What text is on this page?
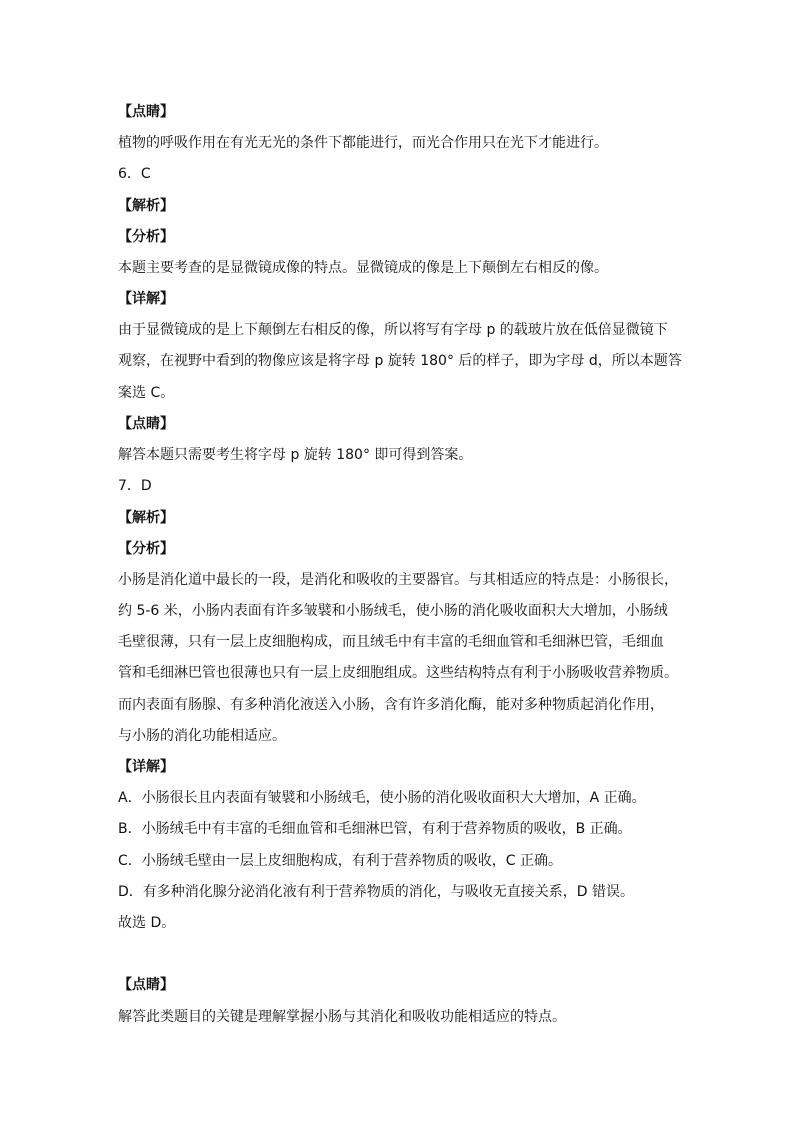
【点睛】
植物的呼吸作用在有光无光的条件下都能进行，而光合作用只在光下才能进行。
6．C
【解析】
【分析】
本题主要考查的是显微镜成像的特点。显微镜成的像是上下颠倒左右相反的像。
【详解】
由于显微镜成的是上下颠倒左右相反的像，所以将写有字母 p 的载玻片放在低倍显微镜下
观察，在视野中看到的物像应该是将字母 p 旋转 180° 后的样子，即为字母 d，所以本题答
案选 C。
【点睛】
解答本题只需要考生将字母 p 旋转 180° 即可得到答案。
7．D
【解析】
【分析】
小肠是消化道中最长的一段，是消化和吸收的主要器官。与其相适应的特点是：小肠很长，
约 5-6 米，小肠内表面有许多皱襞和小肠绒毛，使小肠的消化吸收面积大大增加，小肠绒
毛壁很薄，只有一层上皮细胞构成，而且绒毛中有丰富的毛细血管和毛细淋巴管，毛细血
管和毛细淋巴管也很薄也只有一层上皮细胞组成。这些结构特点有利于小肠吸收营养物质。
而内表面有肠腺、有多种消化液送入小肠，含有许多消化酶，能对多种物质起消化作用，
与小肠的消化功能相适应。
【详解】
A．小肠很长且内表面有皱襞和小肠绒毛，使小肠的消化吸收面积大大增加，A 正确。
B．小肠绒毛中有丰富的毛细血管和毛细淋巴管，有利于营养物质的吸收，B 正确。
C．小肠绒毛壁由一层上皮细胞构成，有利于营养物质的吸收，C 正确。
D．有多种消化腺分泌消化液有利于营养物质的消化，与吸收无直接关系，D 错误。
故选 D。
【点睛】
解答此类题目的关键是理解掌握小肠与其消化和吸收功能相适应的特点。
